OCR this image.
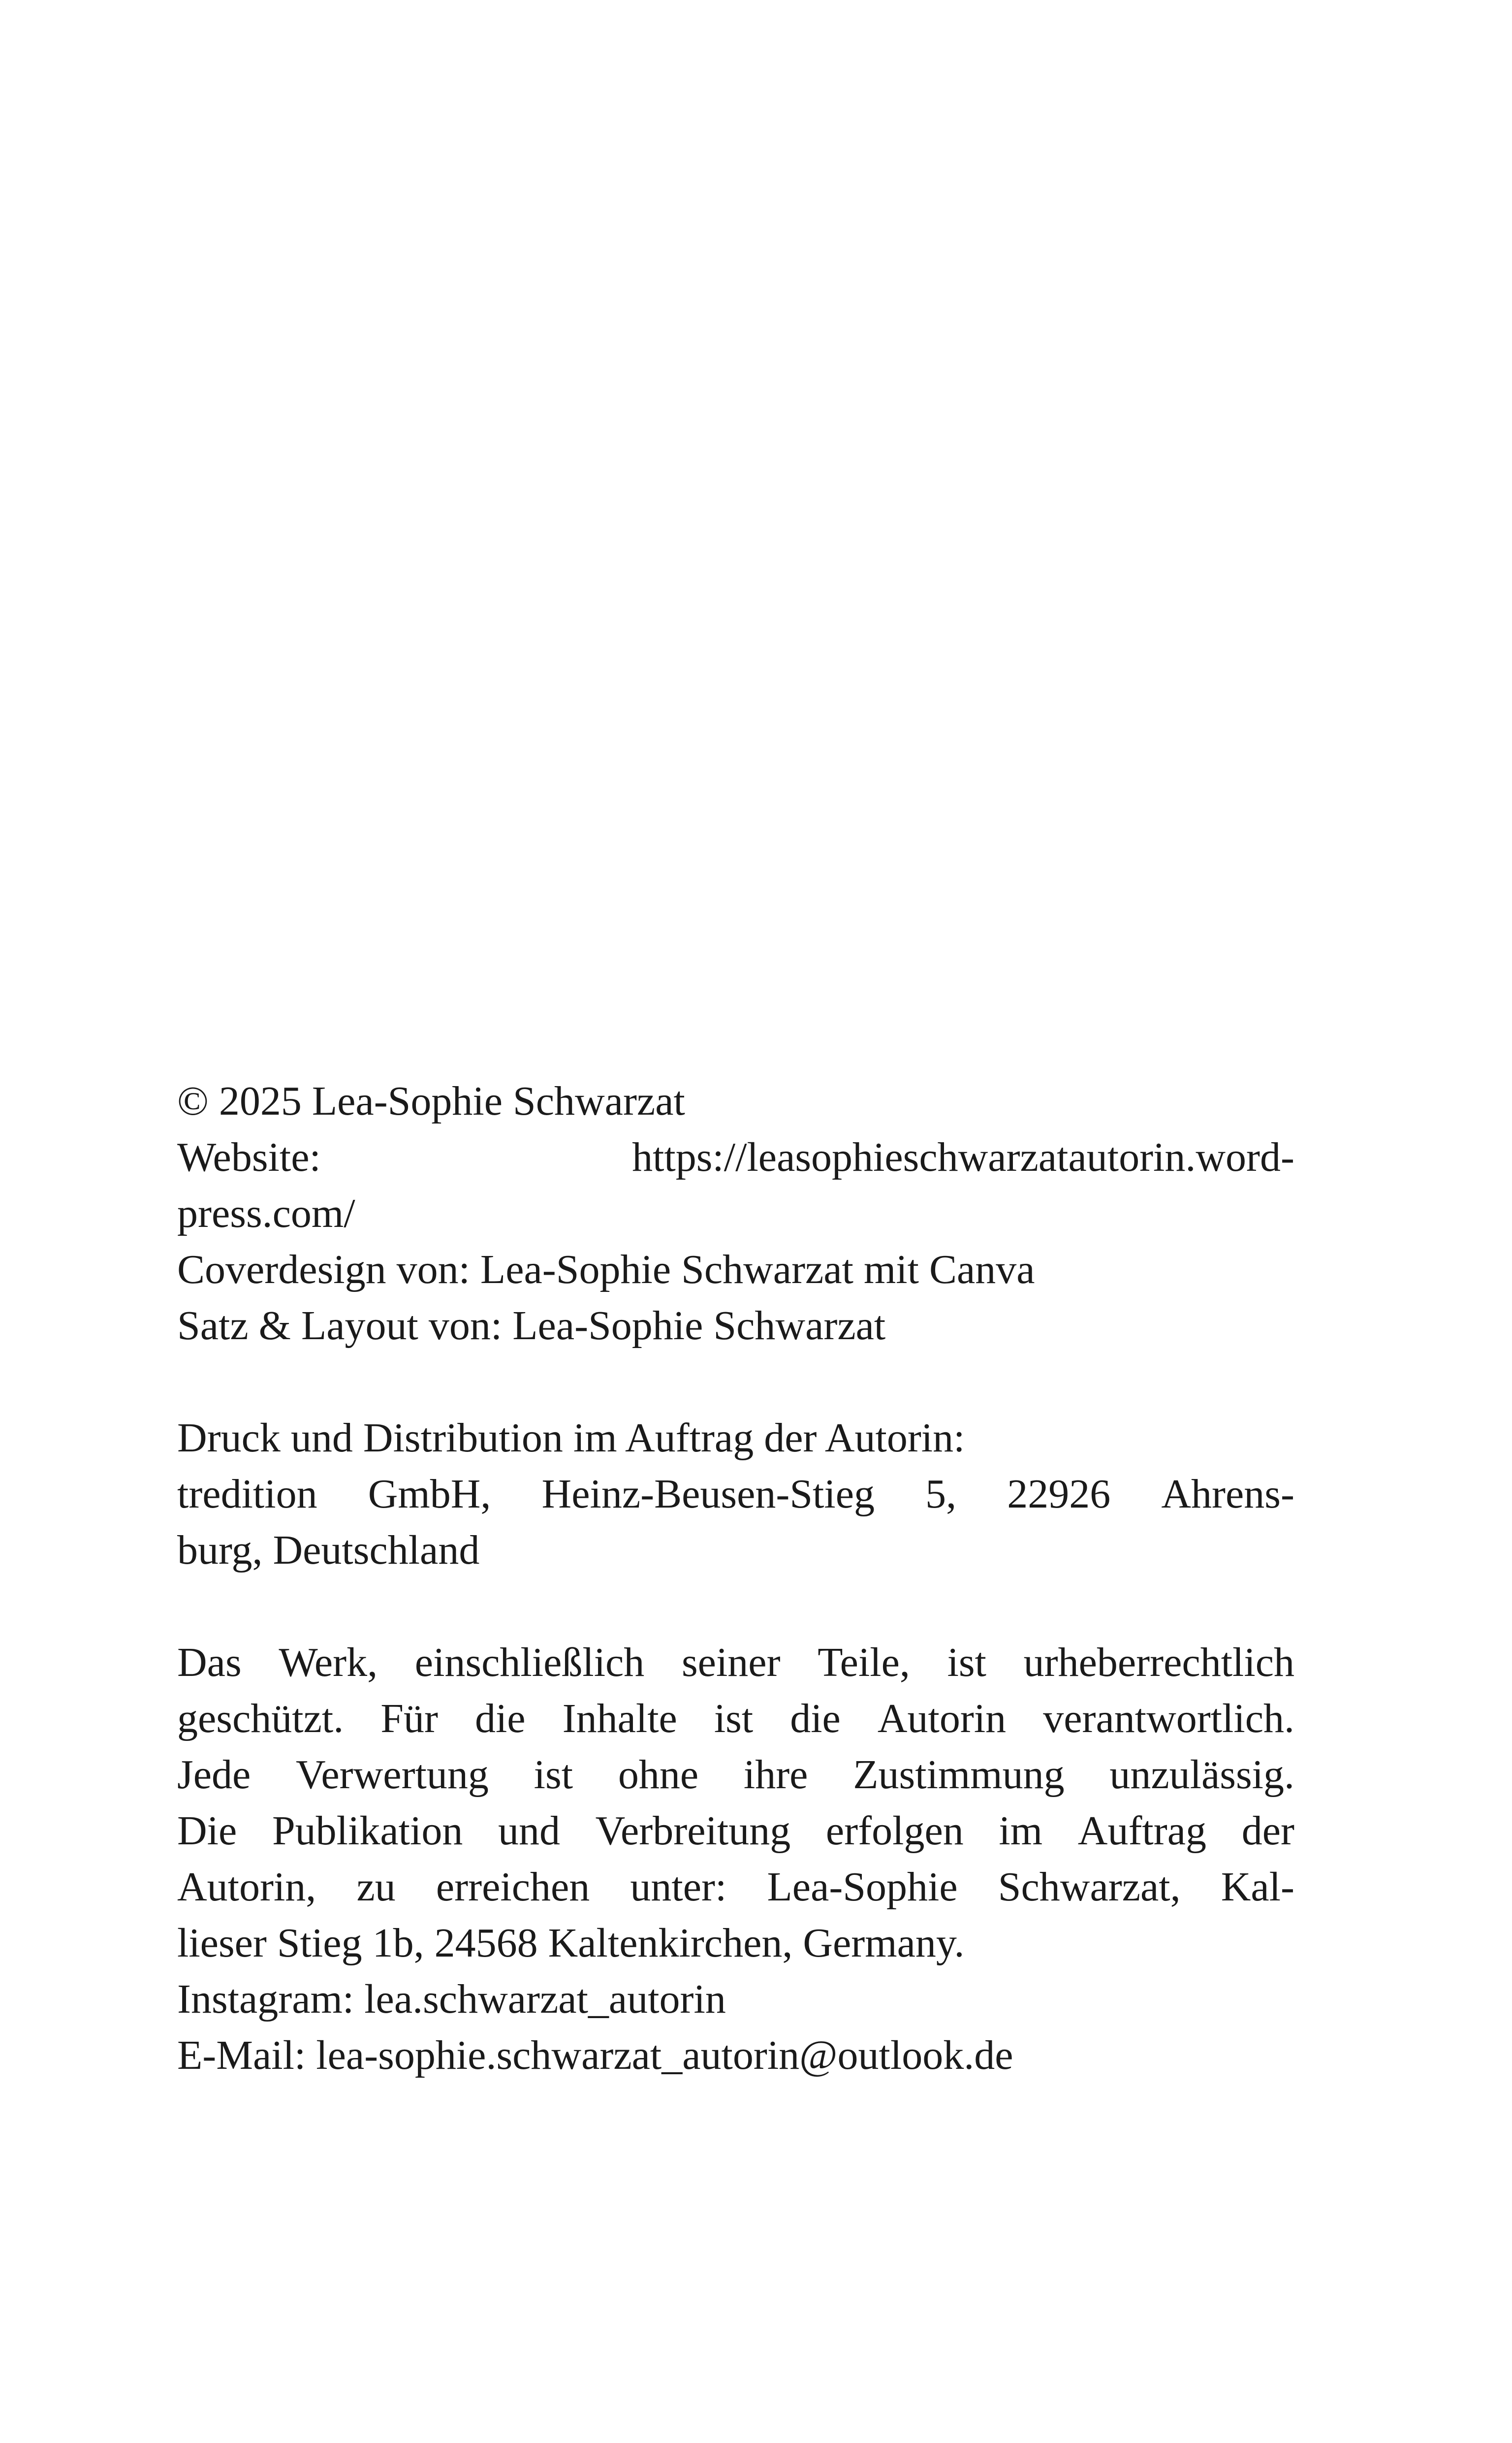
© 2025 Lea-Sophie Schwarzat
Website:	https://leasophieschwarzatautorin.word-
press.com/
Coverdesign von: Lea-Sophie Schwarzat mit Canva
Satz & Layout von: Lea-Sophie Schwarzat
Druck und Distribution im Auftrag der Autorin:
tredition GmbH, Heinz-Beusen-Stieg 5, 22926 Ahrens-
burg, Deutschland
Das Werk, einschließlich seiner Teile, ist urheberrechtlich
geschützt. Für die Inhalte ist die Autorin verantwortlich.
Jede Verwertung ist ohne ihre Zustimmung unzulässig.
Die Publikation und Verbreitung erfolgen im Auftrag der
Autorin, zu erreichen unter: Lea-Sophie Schwarzat, Kal-
lieser Stieg 1b, 24568 Kaltenkirchen, Germany.
Instagram: lea.schwarzat_autorin
E-Mail: lea-sophie.schwarzat_autorin@outlook.de
